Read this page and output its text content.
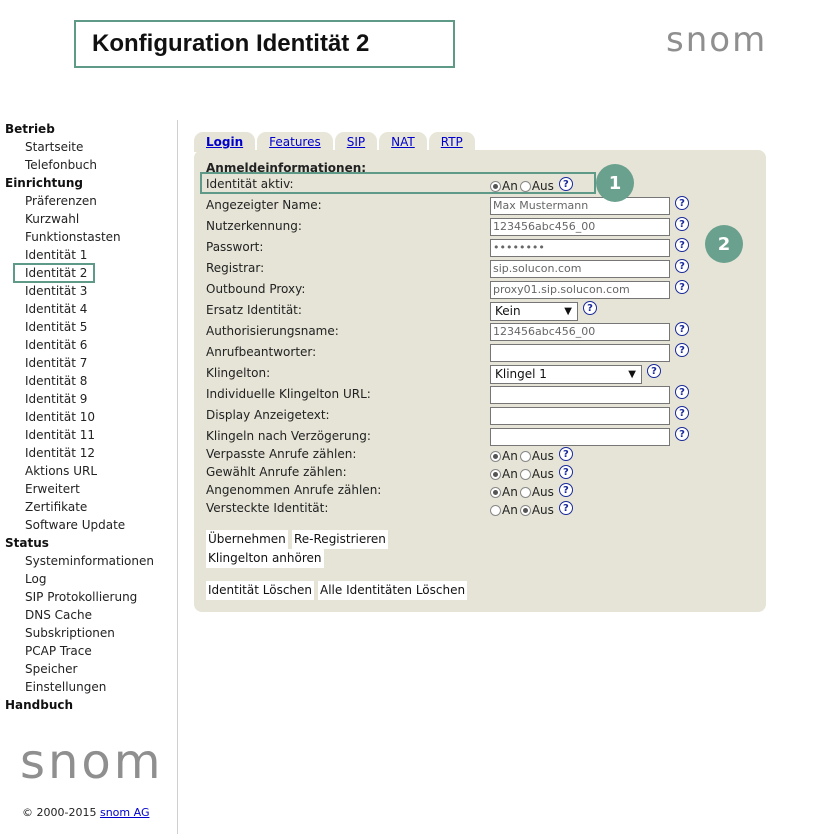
Konfiguration Identität 2	snom
Betrieb
Startseite
Telefonbuch
Einrichtung
Präferenzen
Kurzwahl
Funktionstasten
Identität 1
Identität 2
Identität 3
Identität 4
Identität 5
Identität 6
Identität 7
Identität 8
Identität 9
Identität 10
Identität 11
Identität 12
Aktions URL
Erweitert
Zertifikate
Software Update
Status
Systeminformationen
Log
SIP Protokollierung
DNS Cache
Subskriptionen
PCAP Trace
Speicher
Einstellungen
Handbuch
snom
© 2000-2015 snom AG
Login	Features	SIP	NAT	RTP
Anmeldeinformationen:
Übernehmen Re-Registrieren
Klingelton anhören
Identität Löschen Alle Identitäten Löschen
Identität aktiv:	An Aus ?
Angezeigter Name:	Max Mustermann	?
Nutzerkennung:	123456abc456_00	?
Passwort:	••••••••	?
Registrar:	sip.solucon.com	?
Outbound Proxy:	proxy01.sip.solucon.com	?
Ersatz Identität:	Kein	▼	?
Authorisierungsname:	123456abc456_00	?
Anrufbeantworter:	?
Klingelton:	Klingel 1	▼	?
Individuelle Klingelton URL:	?
Display Anzeigetext:	?
Klingeln nach Verzögerung:	?
Verpasste Anrufe zählen:	An Aus ?
Gewählt Anrufe zählen:	An Aus ?
Angenommen Anrufe zählen:	An Aus ?
Versteckte Identität:	An Aus ?
1
2
